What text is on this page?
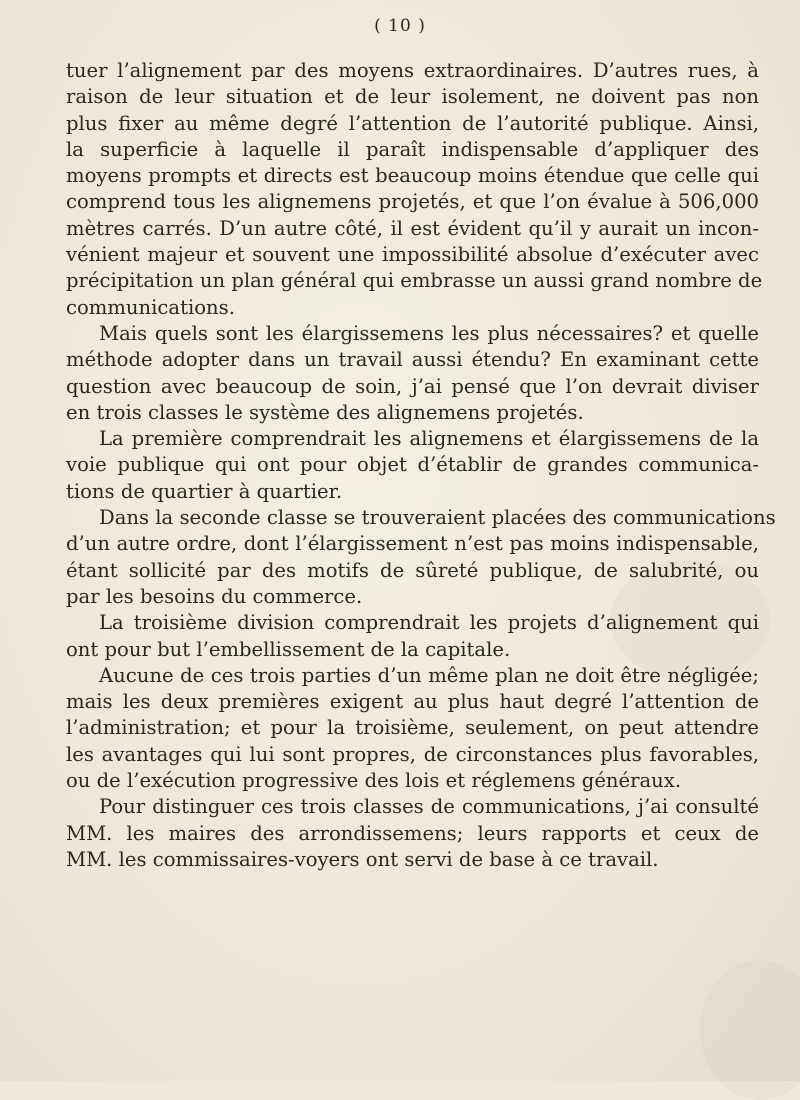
( 10 )
tuer l’alignement par des moyens extraordinaires. D’autres rues, à
raison de leur situation et de leur isolement, ne doivent pas non
plus fixer au même degré l’attention de l’autorité publique. Ainsi,
la superficie à laquelle il paraît indispensable d’appliquer des
moyens prompts et directs est beaucoup moins étendue que celle qui
comprend tous les alignemens projetés, et que l’on évalue à 506,000
mètres carrés. D’un autre côté, il est évident qu’il y aurait un incon-
vénient majeur et souvent une impossibilité absolue d’exécuter avec
précipitation un plan général qui embrasse un aussi grand nombre de
communications.
Mais quels sont les élargissemens les plus nécessaires? et quelle
méthode adopter dans un travail aussi étendu? En examinant cette
question avec beaucoup de soin, j’ai pensé que l’on devrait diviser
en trois classes le système des alignemens projetés.
La première comprendrait les alignemens et élargissemens de la
voie publique qui ont pour objet d’établir de grandes communica-
tions de quartier à quartier.
Dans la seconde classe se trouveraient placées des communications
d’un autre ordre, dont l’élargissement n’est pas moins indispensable,
étant sollicité par des motifs de sûreté publique, de salubrité, ou
par les besoins du commerce.
La troisième division comprendrait les projets d’alignement qui
ont pour but l’embellissement de la capitale.
Aucune de ces trois parties d’un même plan ne doit être négligée;
mais les deux premières exigent au plus haut degré l’attention de
l’administration; et pour la troisième, seulement, on peut attendre
les avantages qui lui sont propres, de circonstances plus favorables,
ou de l’exécution progressive des lois et réglemens généraux.
Pour distinguer ces trois classes de communications, j’ai consulté
MM. les maires des arrondissemens; leurs rapports et ceux de
MM. les commissaires-voyers ont servi de base à ce travail.
